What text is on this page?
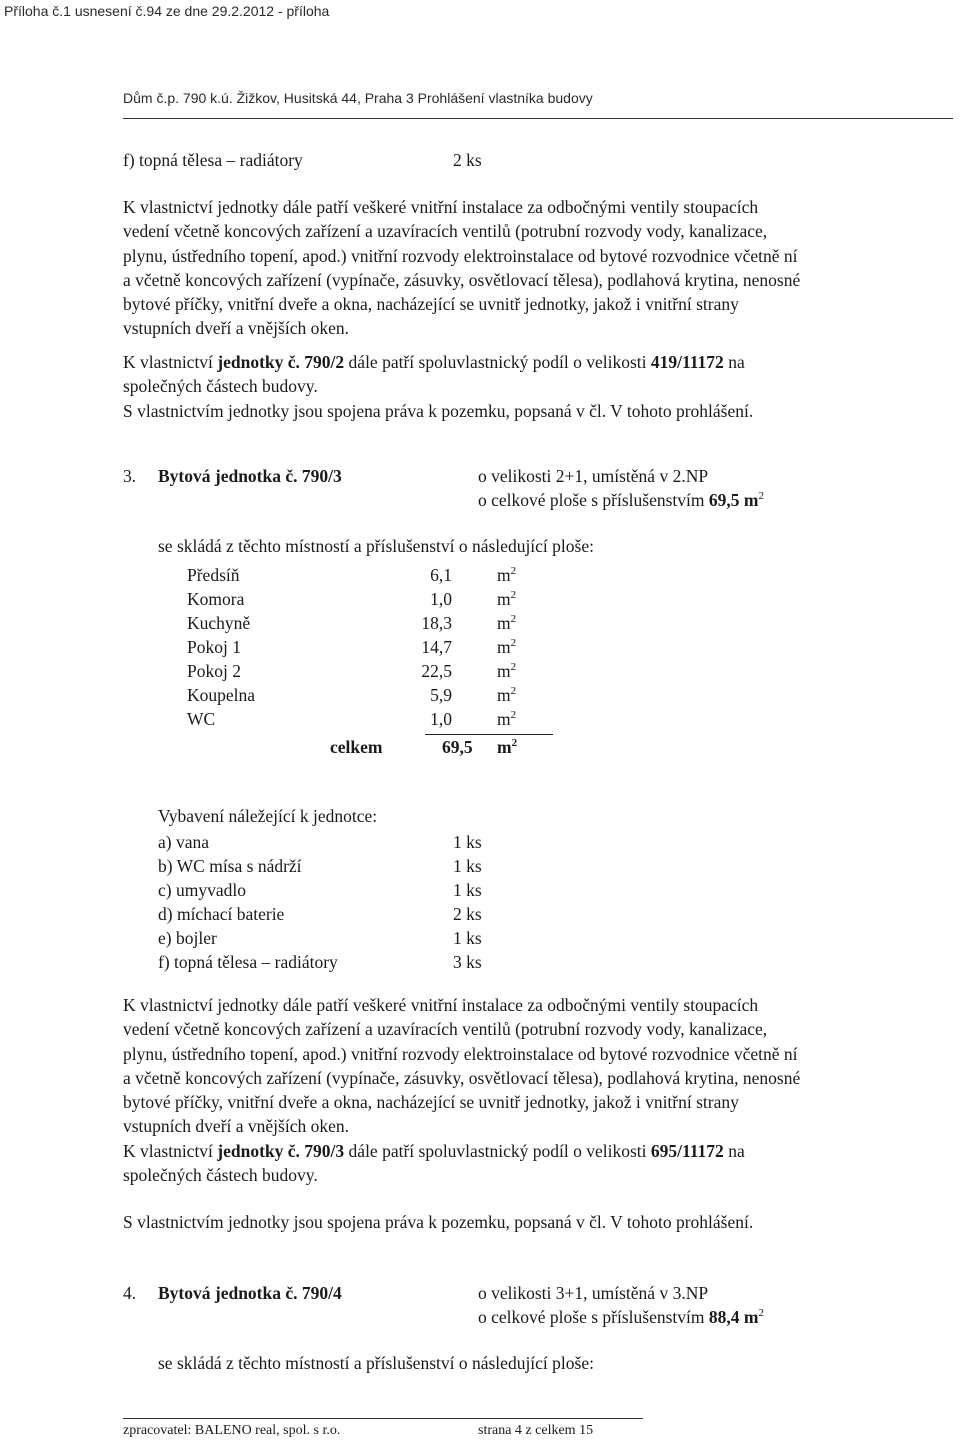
Příloha č.1 usnesení č.94 ze dne 29.2.2012 - příloha
Dům č.p. 790 k.ú. Žižkov, Husitská 44, Praha 3 Prohlášení vlastníka budovy
f) topná tělesa – radiátory	2 ks

K vlastnictví jednotky dále patří veškeré vnitřní instalace za odbočnými ventily stoupacích

vedení včetně koncových zařízení a uzavíracích ventilů (potrubní rozvody vody, kanalizace,

plynu, ústředního topení, apod.) vnitřní rozvody elektroinstalace od bytové rozvodnice včetně ní

a včetně koncových zařízení (vypínače, zásuvky, osvětlovací tělesa), podlahová krytina, nenosné

bytové příčky, vnitřní dveře a okna, nacházející se uvnitř jednotky, jakož i vnitřní strany

vstupních dveří a vnějších oken.

K vlastnictví jednotky č. 790/2 dále patří spoluvlastnický podíl o velikosti 419/11172 na

společných částech budovy.

S vlastnictvím jednotky jsou spojena práva k pozemku, popsaná v čl. V tohoto prohlášení.

3. Bytová jednotka č. 790/3	o velikosti 2+1, umístěná v 2.NP
o celkové ploše s příslušenstvím 69,5 $m^2$
se skládá z těchto místností a příslušenství o následující ploše:
Předsíň	6,1	$m^2$
Komora	1,0	$m^2$
Kuchyně	18,3	$m^2$
Pokoj 1	14,7	$m^2$
Pokoj 2	22,5	$m^2$
Koupelna	5,9	$m^2$
WC	1,0	$m^2$
celkem	69,5 $m^2$
Vybavení náležející k jednotce:
a) vana	1 ks
b) WC mísa s nádrží	1 ks
c) umyvadlo	1 ks
d) míchací baterie	2 ks
e) bojler	1 ks
f) topná tělesa – radiátory	3 ks

K vlastnictví jednotky dále patří veškeré vnitřní instalace za odbočnými ventily stoupacích

vedení včetně koncových zařízení a uzavíracích ventilů (potrubní rozvody vody, kanalizace,

plynu, ústředního topení, apod.) vnitřní rozvody elektroinstalace od bytové rozvodnice včetně ní

a včetně koncových zařízení (vypínače, zásuvky, osvětlovací tělesa), podlahová krytina, nenosné

bytové příčky, vnitřní dveře a okna, nacházející se uvnitř jednotky, jakož i vnitřní strany

vstupních dveří a vnějších oken.

K vlastnictví jednotky č. 790/3 dále patří spoluvlastnický podíl o velikosti 695/11172 na

společných částech budovy.

S vlastnictvím jednotky jsou spojena práva k pozemku, popsaná v čl. V tohoto prohlášení.
4. Bytová jednotka č. 790/4	o velikosti 3+1, umístěná v 3.NP
o celkové ploše s příslušenstvím 88,4 $m^2$
se skládá z těchto místností a příslušenství o následující ploše:
zpracovatel: BALENO real, spol. s r.o.	strana 4 z celkem 15
